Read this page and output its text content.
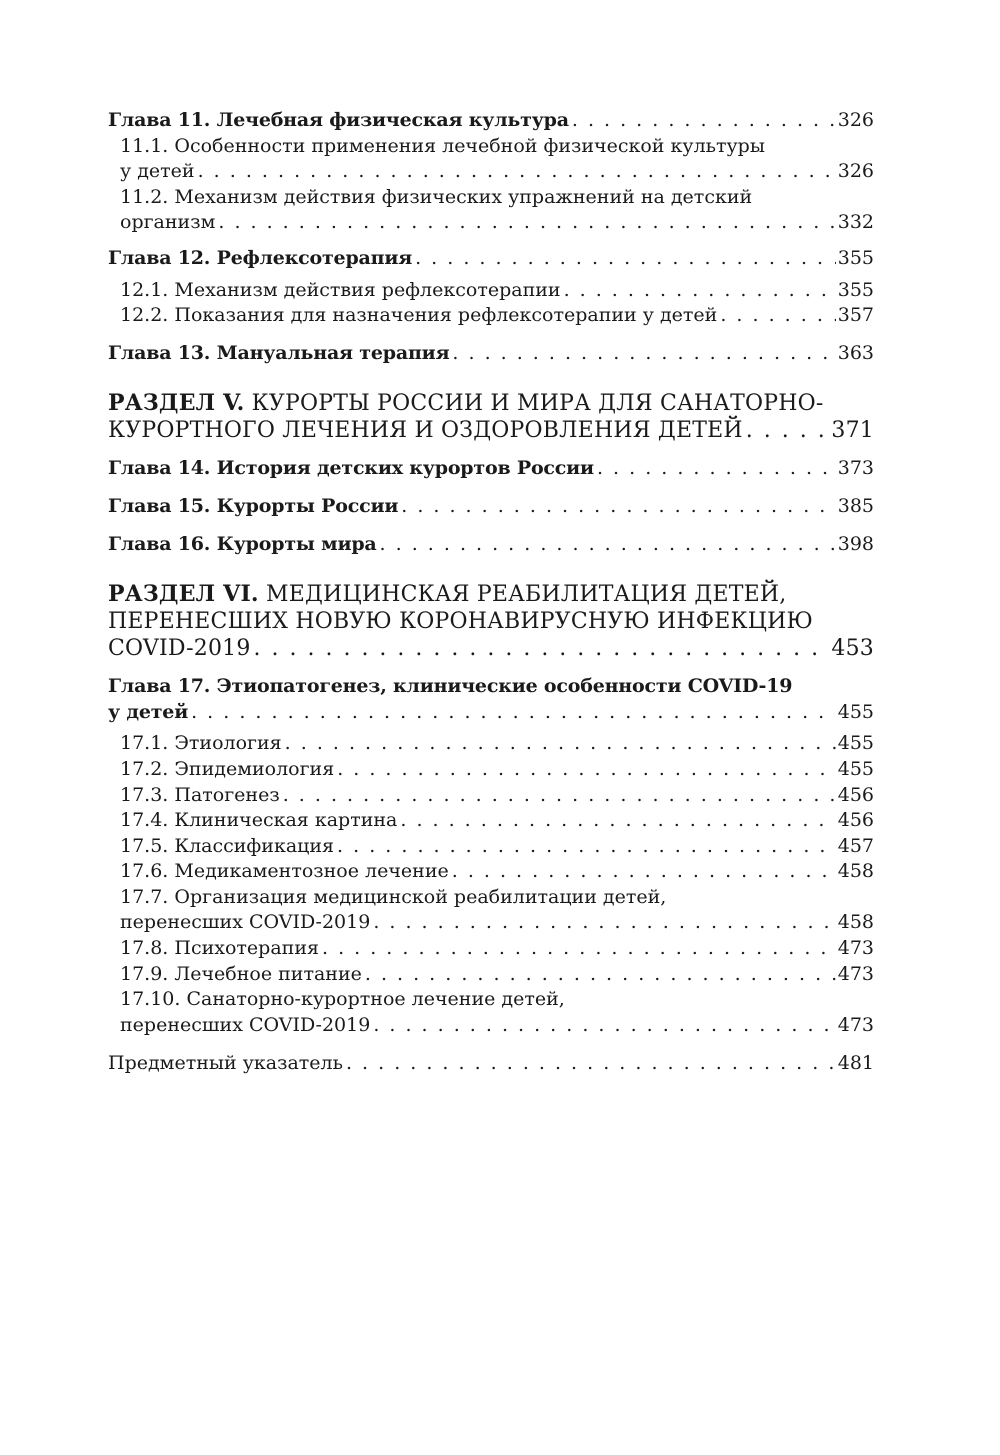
Глава 11. Лечебная физическая культура . . .	326
11.1. Особенности применения лечебной физической культуры
у детей . . .	326
11.2. Механизм действия физических упражнений на детский
организм . . .	332
Глава 12. Рефлексотерапия . . .	355
12.1. Механизм действия рефлексотерапии . . .	355
12.2. Показания для назначения рефлексотерапии у детей . . .	357
Глава 13. Мануальная терапия . . .	363
РАЗДЕЛ V. КУРОРТЫ РОССИИ И МИРА ДЛЯ САНАТОРНО-
КУРОРТНОГО ЛЕЧЕНИЯ И ОЗДОРОВЛЕНИЯ ДЕТЕЙ . . .	371
Глава 14. История детских курортов России . . .	373
Глава 15. Курорты России . . .	385
Глава 16. Курорты мира . . .	398
РАЗДЕЛ VI. МЕДИЦИНСКАЯ РЕАБИЛИТАЦИЯ ДЕТЕЙ,
ПЕРЕНЕСШИХ НОВУЮ КОРОНАВИРУСНУЮ ИНФЕКЦИЮ
COVID-2019 . . .	453
Глава 17. Этиопатогенез, клинические особенности COVID-19
у детей . . .	455
17.1. Этиология . . .	455
17.2. Эпидемиология . . .	455
17.3. Патогенез . . .	456
17.4. Клиническая картина . . .	456
17.5. Классификация . . .	457
17.6. Медикаментозное лечение . . .	458
17.7. Организация медицинской реабилитации детей,
перенесших COVID-2019 . . .	458
17.8. Психотерапия . . .	473
17.9. Лечебное питание . . .	473
17.10. Санаторно-курортное лечение детей,
перенесших COVID-2019 . . .	473
Предметный указатель . . .	481
